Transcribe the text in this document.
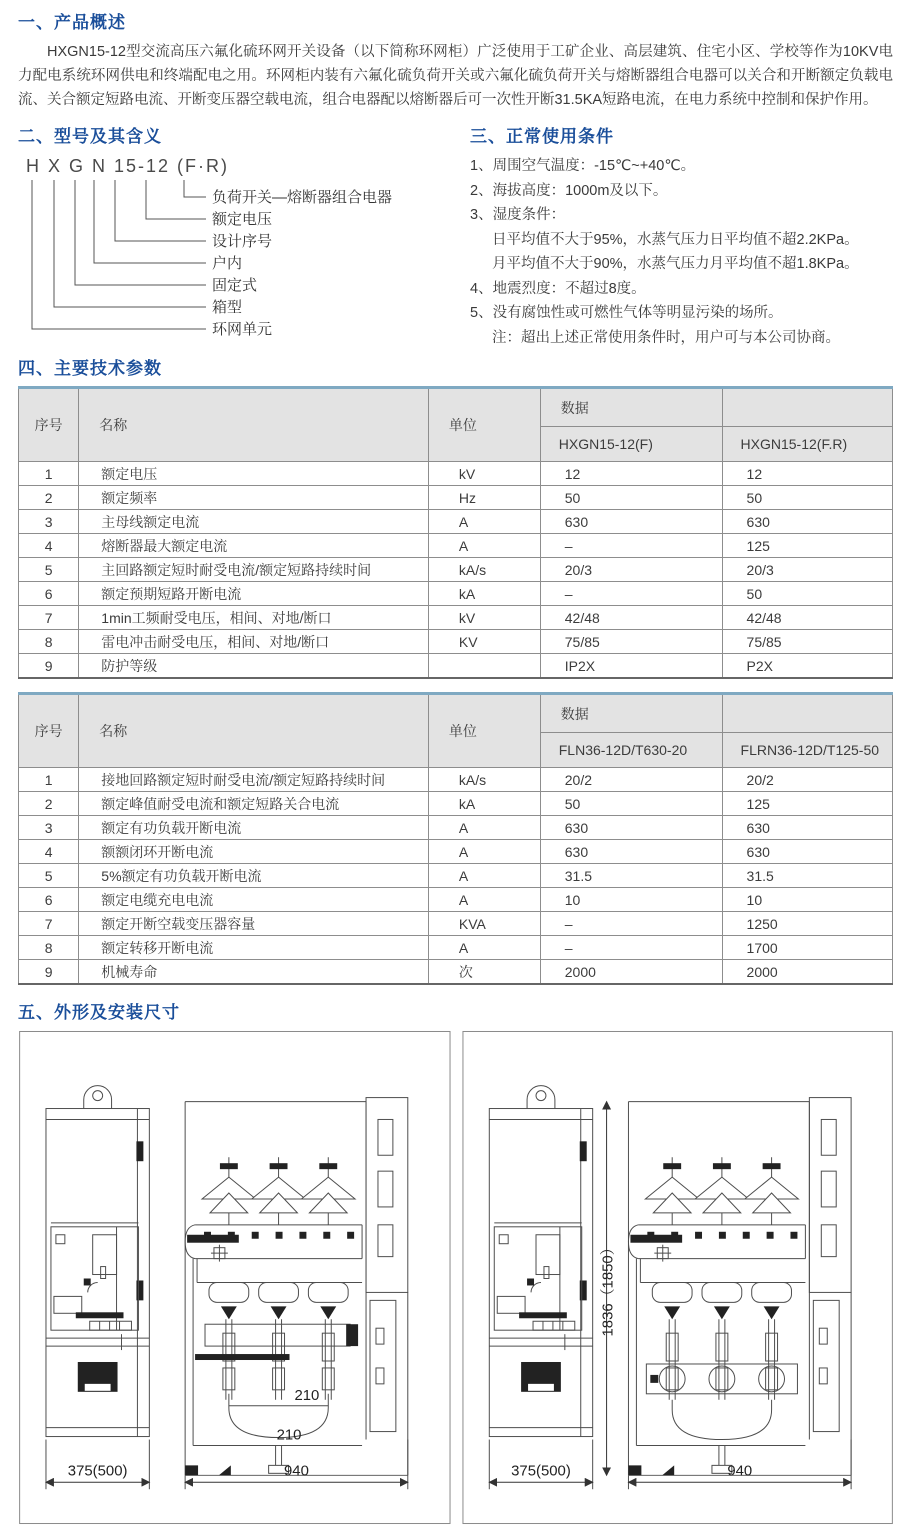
一、产品概述

HXGN15-12型交流高压六氟化硫环网开关设备（以下简称环网柜）广泛使用于工矿企业、高层建筑、住宅小区、学校等作为10KV电力配电系统环网供电和终端配电之用。环网柜内装有六氟化硫负荷开关或六氟化硫负荷开关与熔断器组合电器可以关合和开断额定负载电流、关合额定短路电流、开断变压器空载电流，组合电器配以熔断器后可一次性开断31.5KA短路电流，在电力系统中控制和保护作用。

二、型号及其含义
H X G N 15-12 (F·R)
负荷开关—熔断器组合电器
额定电压
设计序号
户内
固定式
箱型
环网单元
三、正常使用条件
1、周围空气温度：-15℃~+40℃。
2、海拔高度：1000m及以下。
3、湿度条件：
日平均值不大于95%，水蒸气压力日平均值不超2.2KPa。
月平均值不大于90%，水蒸气压力月平均值不超1.8KPa。
4、地震烈度：不超过8度。
5、没有腐蚀性或可燃性气体等明显污染的场所。
注：超出上述正常使用条件时，用户可与本公司协商。
四、主要技术参数
序号	名称	单位	数据	
			HXGN15-12(F)	HXGN15-12(F.R)
1	额定电压	kV	12	12
2	额定频率	Hz	50	50
3	主母线额定电流	A	630	630
4	熔断器最大额定电流	A	–	125
5	主回路额定短时耐受电流/额定短路持续时间	kA/s	20/3	20/3
6	额定预期短路开断电流	kA	–	50
7	1min工频耐受电压，相间、对地/断口	kV	42/48	42/48
8	雷电冲击耐受电压，相间、对地/断口	KV	75/85	75/85
9	防护等级		IP2X	P2X
序号	名称	单位	数据	
			FLN36-12D/T630-20	FLRN36-12D/T125-50
1	接地回路额定短时耐受电流/额定短路持续时间	kA/s	20/2	20/2
2	额定峰值耐受电流和额定短路关合电流	kA	50	125
3	额定有功负载开断电流	A	630	630
4	额额闭环开断电流	A	630	630
5	5%额定有功负载开断电流	A	31.5	31.5
6	额定电缆充电电流	A	10	10
7	额定开断空载变压器容量	KVA	–	1250
8	额定转移开断电流	A	–	1700
9	机械寿命	次	2000	2000
五、外形及安装尺寸
210
210
375(500)	940
1836（1850）
375(500)	940
